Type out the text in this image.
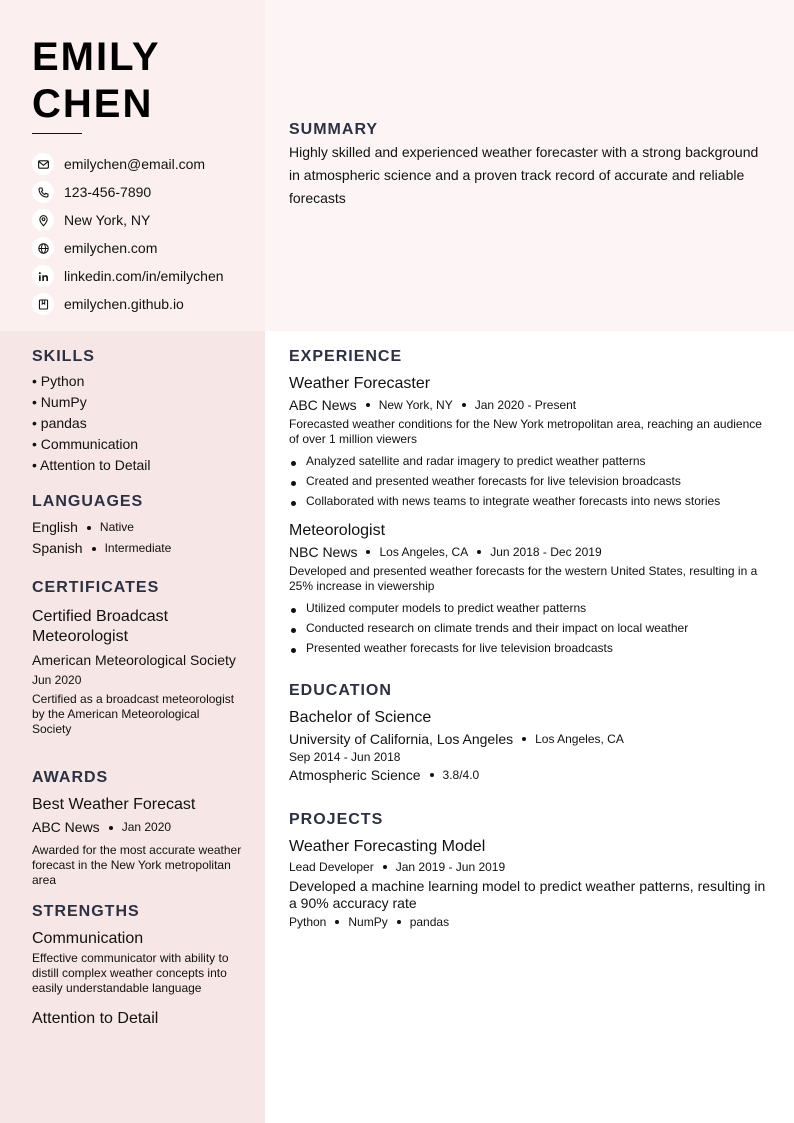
EMILY
CHEN
emilychen@email.com
123-456-7890
New York, NY
emilychen.com
linkedin.com/in/emilychen
emilychen.github.io
SUMMARY
Highly skilled and experienced weather forecaster with a strong background in atmospheric science and a proven track record of accurate and reliable forecasts
SKILLS
• Python
• NumPy
• pandas
• Communication
• Attention to Detail
LANGUAGES
English Native
Spanish Intermediate
CERTIFICATES
Certified Broadcast Meteorologist
American Meteorological Society
Jun 2020
Certified as a broadcast meteorologist by the American Meteorological Society
AWARDS
Best Weather Forecast
ABC News Jan 2020
Awarded for the most accurate weather forecast in the New York metropolitan area
STRENGTHS
Communication
Effective communicator with ability to distill complex weather concepts into easily understandable language
Attention to Detail
EXPERIENCE
Weather Forecaster
ABC News New York, NY Jan 2020 - Present
Forecasted weather conditions for the New York metropolitan area, reaching an audience of over 1 million viewers
Analyzed satellite and radar imagery to predict weather patterns
Created and presented weather forecasts for live television broadcasts
Collaborated with news teams to integrate weather forecasts into news stories
Meteorologist
NBC News Los Angeles, CA Jun 2018 - Dec 2019
Developed and presented weather forecasts for the western United States, resulting in a 25% increase in viewership
Utilized computer models to predict weather patterns
Conducted research on climate trends and their impact on local weather
Presented weather forecasts for live television broadcasts
EDUCATION
Bachelor of Science
University of California, Los Angeles Los Angeles, CA
Sep 2014 - Jun 2018
Atmospheric Science 3.8/4.0
PROJECTS
Weather Forecasting Model
Lead Developer Jan 2019 - Jun 2019
Developed a machine learning model to predict weather patterns, resulting in a 90% accuracy rate
Python NumPy pandas
